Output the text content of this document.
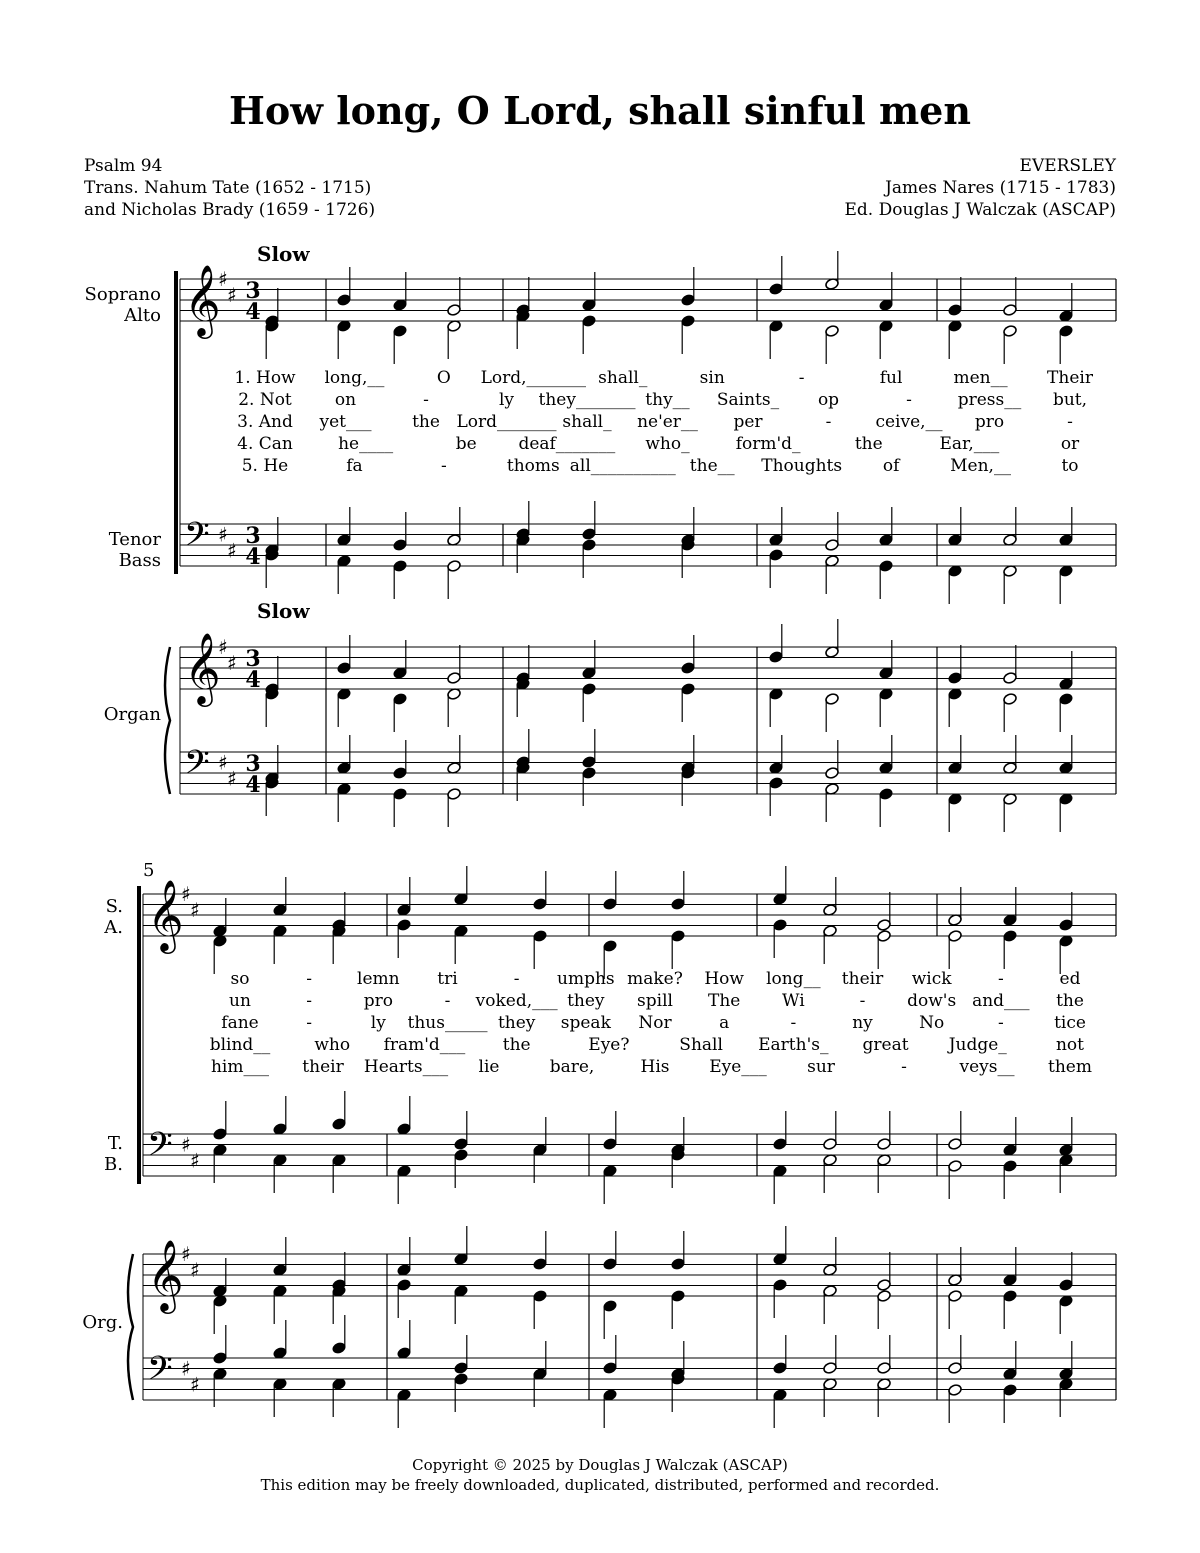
How long, O Lord, shall sinful men
Psalm 94
Trans. Nahum Tate (1652 - 1715)
and Nicholas Brady (1659 - 1726)
EVERSLEY
James Nares (1715 - 1783)
Ed. Douglas J Walczak (ASCAP)
𝄞
𝄢
𝄞
𝄢
♯
♯
♯
♯
♯
♯
♯
♯
𝄞
𝄢
𝄞
𝄢
♯
♯
♯
♯
♯
♯
♯
♯
3
4
3
4
3
4
3
4
Soprano
Alto
Tenor
Bass
Organ
Slow
Slow
S.
A.
T.
B.
Org.
5
1. How long,__	O Lord,_______ shall_	sin	-	ful	men__ Their
2. Not	on	-	ly they_______ thy__ Saints_ op	-	press__ but,
3. And yet___ the Lord_______ shall_ ne'er__ per	-	ceive,__ pro	-
4. Can	he____	be deaf_______ who_	form'd_	the	Ear,___	or
5. He	fa	-	thoms all__________ the__ Thoughts of	Men,__	to
so	-	lemn tri	- umphs make? How long__ their wick	-	ed
un	-	pro	- voked,___ they spill The Wi	- dow's and___ the
fane	-	ly thus_____ they speak Nor	a	-	ny	No	-	tice
blind__	who fram'd___ the	Eye?	Shall Earth's_ great Judge_	not
him___ their Hearts___ lie	bare,	His Eye___ sur	-	veys__ them
Copyright © 2025 by Douglas J Walczak (ASCAP)
This edition may be freely downloaded, duplicated, distributed, performed and recorded.
